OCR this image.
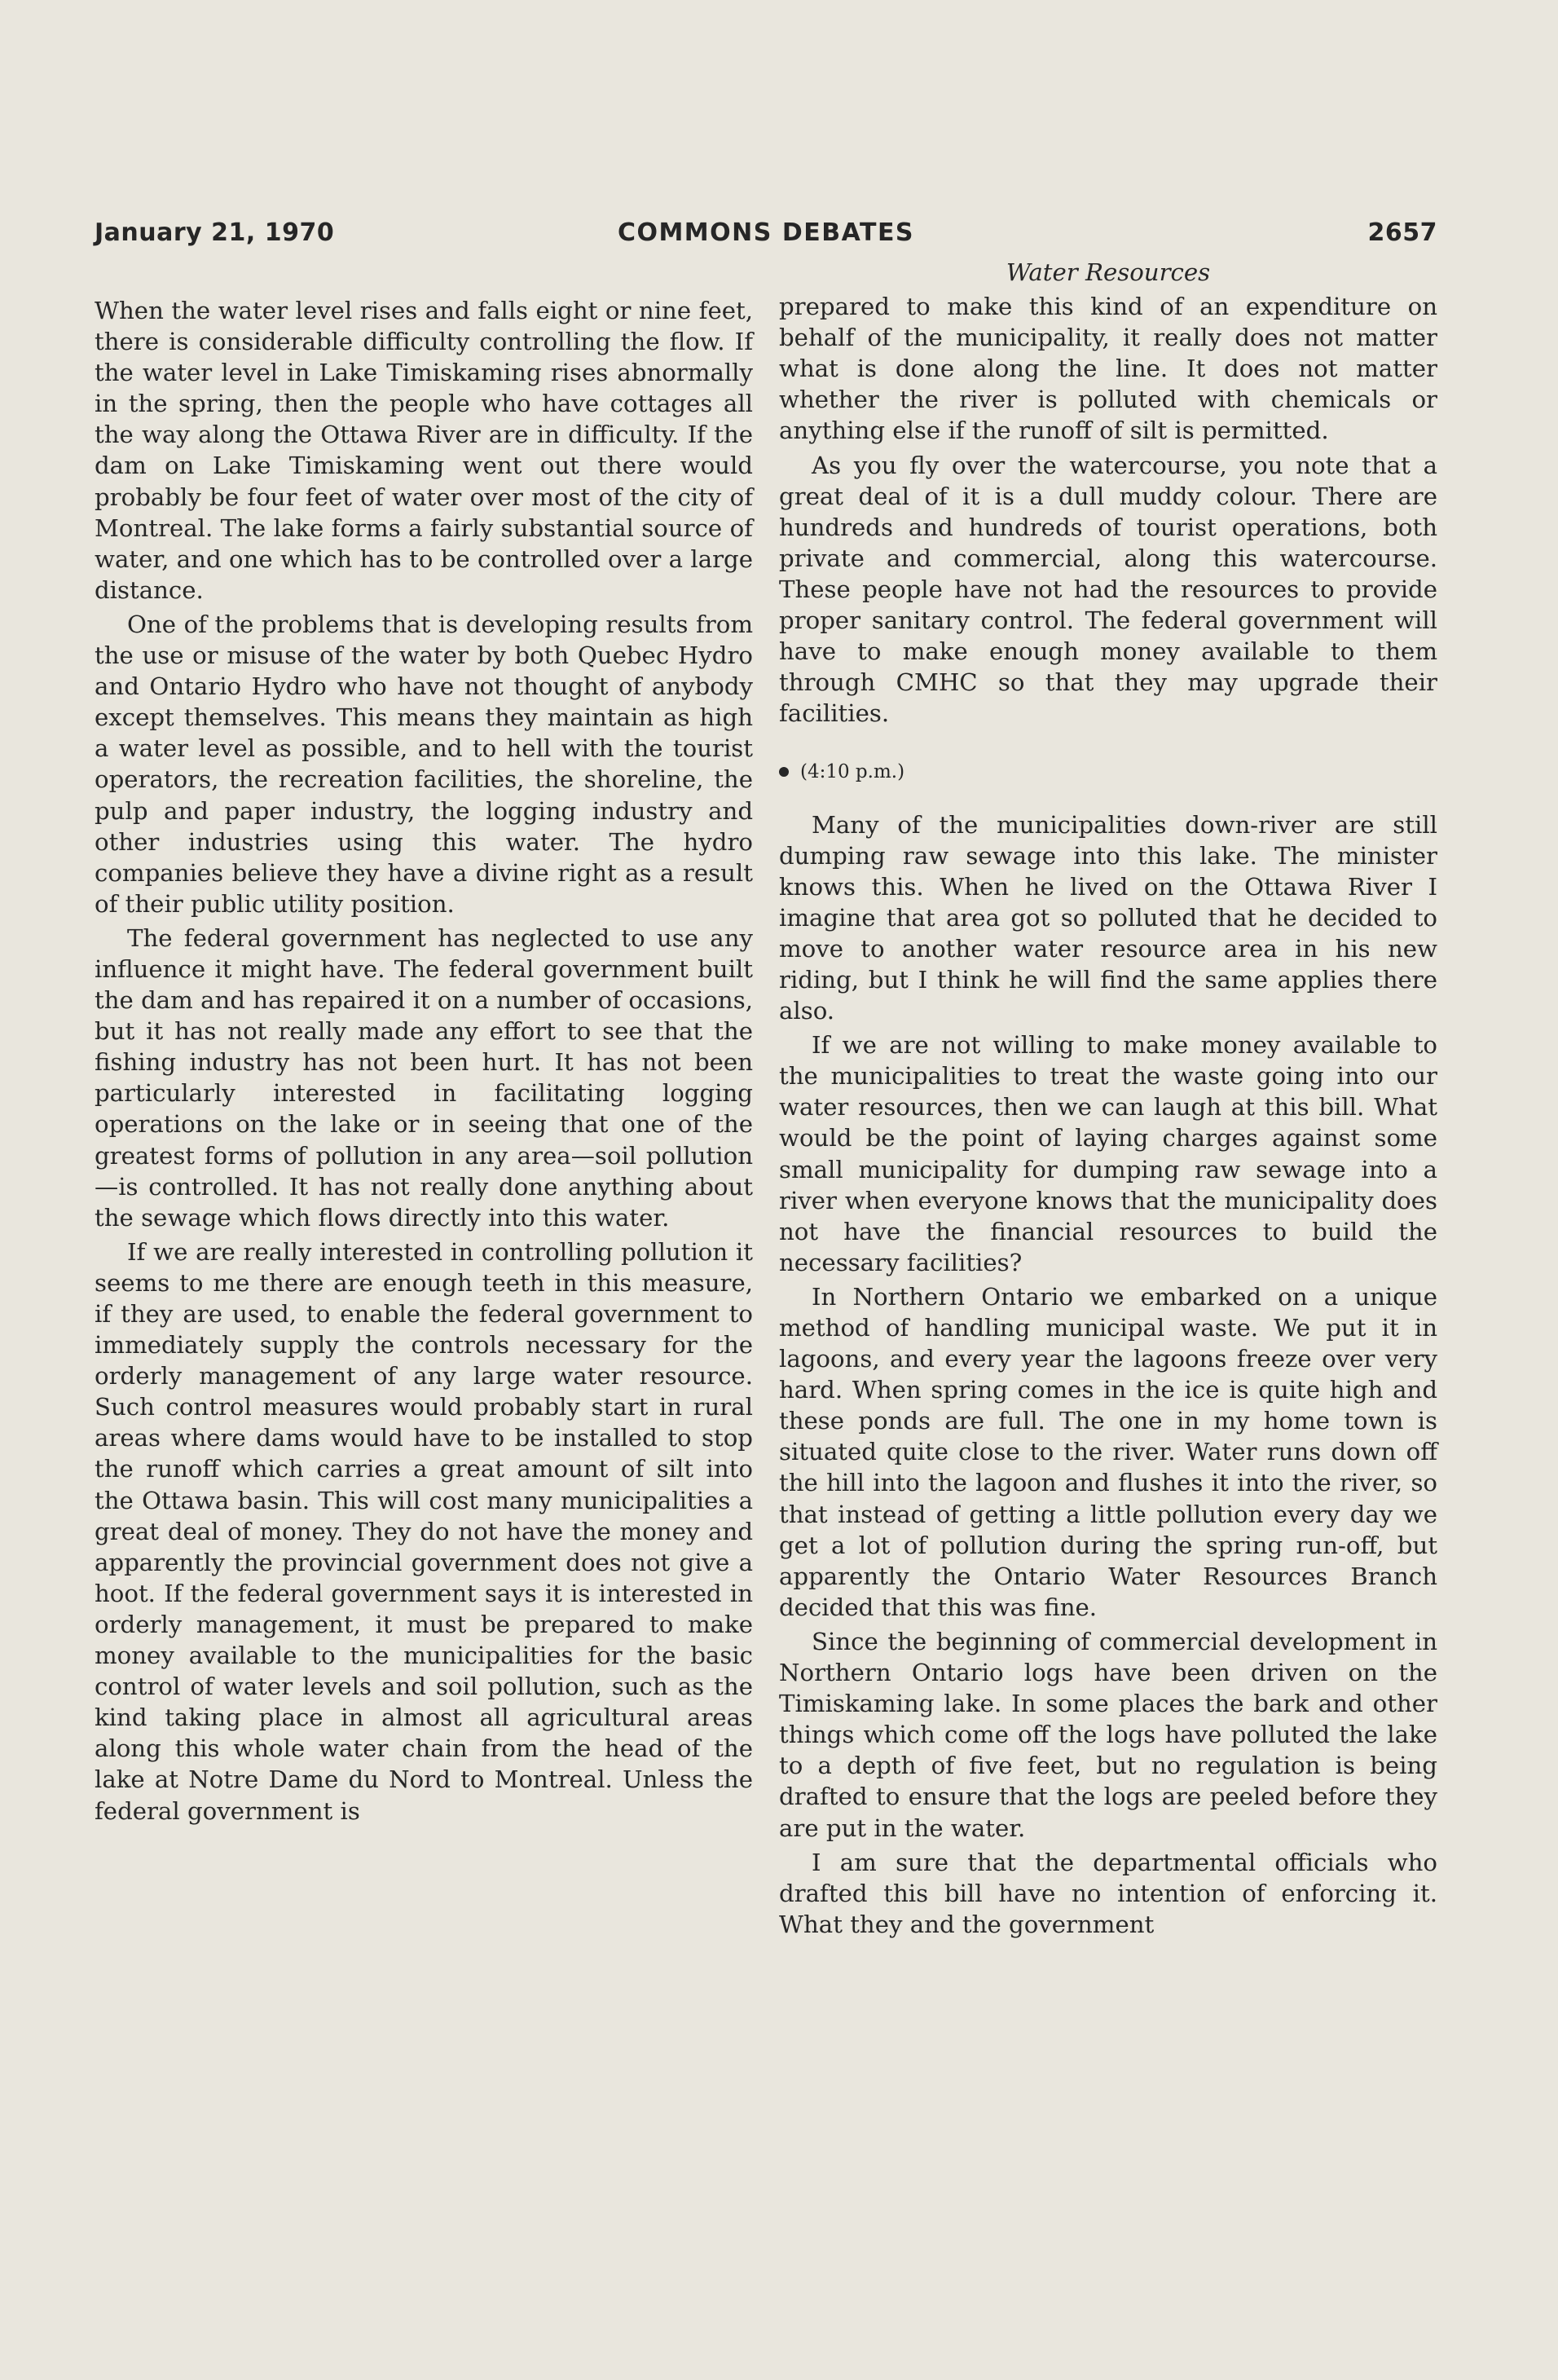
COMMONS DEBATES
January 21, 1970	2657

When the water level rises and falls eight or nine feet, there is considerable difficulty controlling the flow. If the water level in Lake Timiskaming rises abnormally in the spring, then the people who have cottages all the way along the Ottawa River are in difficulty. If the dam on Lake Timiskaming went out there would probably be four feet of water over most of the city of Montreal. The lake forms a fairly substantial source of water, and one which has to be controlled over a large distance.

One of the problems that is developing results from the use or misuse of the water by both Quebec Hydro and Ontario Hydro who have not thought of anybody except themselves. This means they maintain as high a water level as possible, and to hell with the tourist operators, the recreation facilities, the shoreline, the pulp and paper industry, the logging industry and other industries using this water. The hydro companies believe they have a divine right as a result of their public utility position.

The federal government has neglected to use any influence it might have. The federal government built the dam and has repaired it on a number of occasions, but it has not really made any effort to see that the fishing industry has not been hurt. It has not been particularly interested in facilitating logging operations on the lake or in seeing that one of the greatest forms of pollution in any area—soil pollution—is controlled. It has not really done anything about the sewage which flows directly into this water.

If we are really interested in controlling pollution it seems to me there are enough teeth in this measure, if they are used, to enable the federal government to immediately supply the controls necessary for the orderly management of any large water resource. Such control measures would probably start in rural areas where dams would have to be installed to stop the runoff which carries a great amount of silt into the Ottawa basin. This will cost many municipalities a great deal of money. They do not have the money and apparently the provincial government does not give a hoot. If the federal government says it is interested in orderly management, it must be prepared to make money available to the municipalities for the basic control of water levels and soil pollution, such as the kind taking place in almost all agricultural areas along this whole water chain from the head of the lake at Notre Dame du Nord to Montreal. Unless the federal government is

Water Resources

prepared to make this kind of an expenditure on behalf of the municipality, it really does not matter what is done along the line. It does not matter whether the river is polluted with chemicals or anything else if the runoff of silt is permitted.

As you fly over the watercourse, you note that a great deal of it is a dull muddy colour. There are hundreds and hundreds of tourist operations, both private and commercial, along this watercourse. These people have not had the resources to provide proper sanitary control. The federal government will have to make enough money available to them through CMHC so that they may upgrade their facilities.

(4:10 p.m.)

Many of the municipalities down-river are still dumping raw sewage into this lake. The minister knows this. When he lived on the Ottawa River I imagine that area got so polluted that he decided to move to another water resource area in his new riding, but I think he will find the same applies there also.

If we are not willing to make money available to the municipalities to treat the waste going into our water resources, then we can laugh at this bill. What would be the point of laying charges against some small municipality for dumping raw sewage into a river when everyone knows that the municipality does not have the financial resources to build the necessary facilities?

In Northern Ontario we embarked on a unique method of handling municipal waste. We put it in lagoons, and every year the lagoons freeze over very hard. When spring comes in the ice is quite high and these ponds are full. The one in my home town is situated quite close to the river. Water runs down off the hill into the lagoon and flushes it into the river, so that instead of getting a little pollution every day we get a lot of pollution during the spring run-off, but apparently the Ontario Water Resources Branch decided that this was fine.

Since the beginning of commercial development in Northern Ontario logs have been driven on the Timiskaming lake. In some places the bark and other things which come off the logs have polluted the lake to a depth of five feet, but no regulation is being drafted to ensure that the logs are peeled before they are put in the water.

I am sure that the departmental officials who drafted this bill have no intention of enforcing it. What they and the government
